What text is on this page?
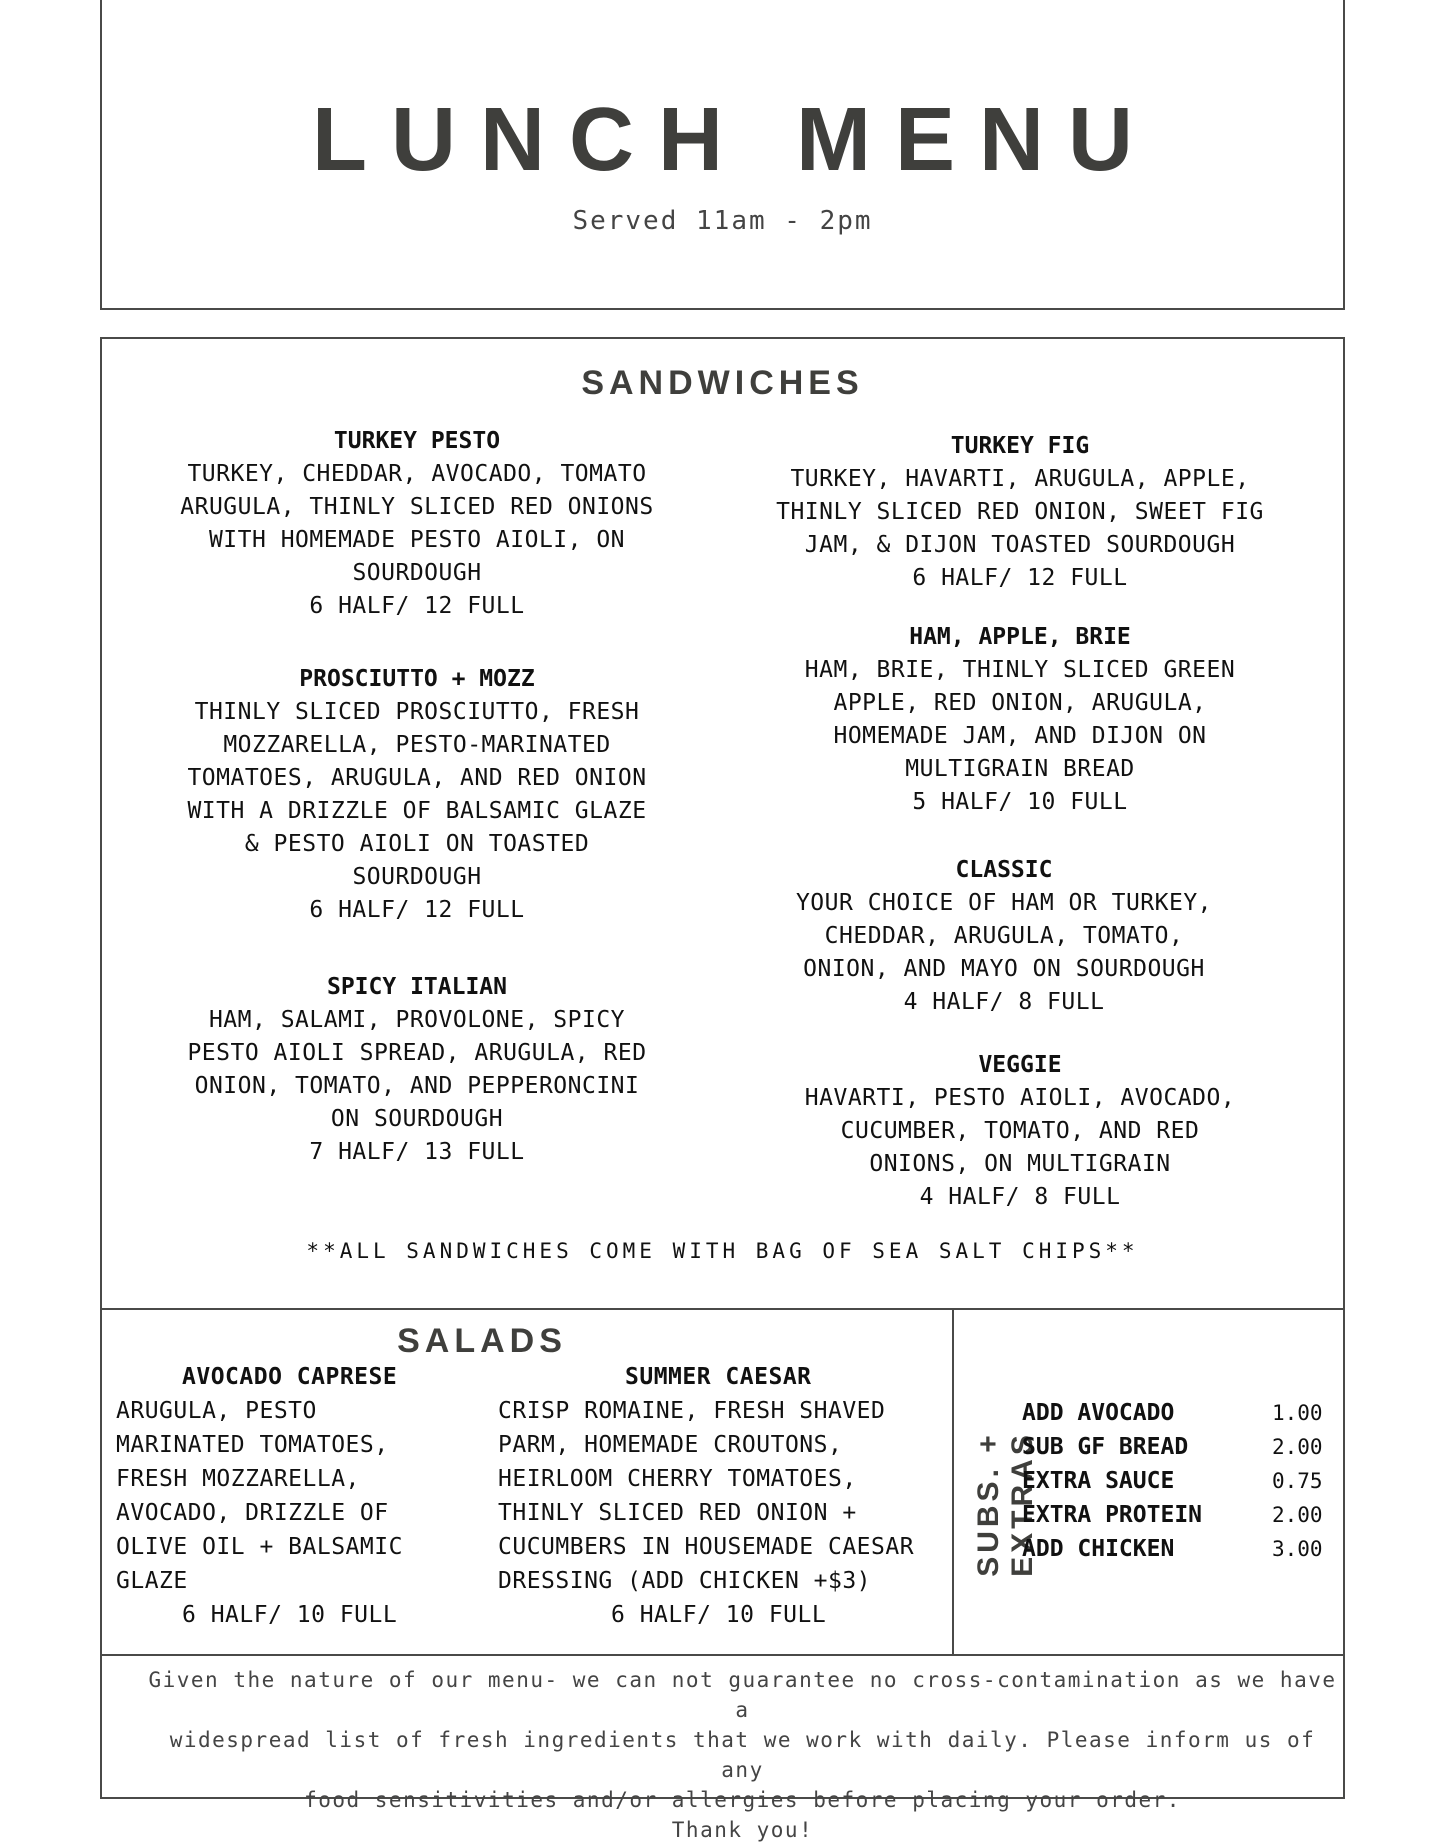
LUNCH MENU
Served 11am - 2pm
SANDWICHES
TURKEY PESTO
TURKEY, CHEDDAR, AVOCADO, TOMATO
ARUGULA, THINLY SLICED RED ONIONS
WITH HOMEMADE PESTO AIOLI, ON
SOURDOUGH
6 HALF/ 12 FULL
PROSCIUTTO + MOZZ
THINLY SLICED PROSCIUTTO, FRESH
MOZZARELLA, PESTO-MARINATED
TOMATOES, ARUGULA, AND RED ONION
WITH A DRIZZLE OF BALSAMIC GLAZE
& PESTO AIOLI ON TOASTED
SOURDOUGH
6 HALF/ 12 FULL
SPICY ITALIAN
HAM, SALAMI, PROVOLONE, SPICY
PESTO AIOLI SPREAD, ARUGULA, RED
ONION, TOMATO, AND PEPPERONCINI
ON SOURDOUGH
7 HALF/ 13 FULL
TURKEY FIG
TURKEY, HAVARTI, ARUGULA, APPLE,
THINLY SLICED RED ONION, SWEET FIG
JAM, & DIJON TOASTED SOURDOUGH
6 HALF/ 12 FULL
HAM, APPLE, BRIE
HAM, BRIE, THINLY SLICED GREEN
APPLE, RED ONION, ARUGULA,
HOMEMADE JAM, AND DIJON ON
MULTIGRAIN BREAD
5 HALF/ 10 FULL
CLASSIC
YOUR CHOICE OF HAM OR TURKEY,
CHEDDAR, ARUGULA, TOMATO,
ONION, AND MAYO ON SOURDOUGH
4 HALF/ 8 FULL
VEGGIE
HAVARTI, PESTO AIOLI, AVOCADO,
CUCUMBER, TOMATO, AND RED
ONIONS, ON MULTIGRAIN
4 HALF/ 8 FULL
**ALL SANDWICHES COME WITH BAG OF SEA SALT CHIPS**
SALADS
AVOCADO CAPRESE
ARUGULA, PESTO
MARINATED TOMATOES,
FRESH MOZZARELLA,
AVOCADO, DRIZZLE OF
OLIVE OIL + BALSAMIC
GLAZE
6 HALF/ 10 FULL
SUMMER CAESAR
CRISP ROMAINE, FRESH SHAVED
PARM, HOMEMADE CROUTONS,
HEIRLOOM CHERRY TOMATOES,
THINLY SLICED RED ONION +
CUCUMBERS IN HOUSEMADE CAESAR
DRESSING (ADD CHICKEN +$3)
6 HALF/ 10 FULL
SUBS. + EXTRAS
ADD AVOCADO	1.00
SUB GF BREAD	2.00
EXTRA SAUCE	0.75
EXTRA PROTEIN	2.00
ADD CHICKEN	3.00
Given the nature of our menu- we can not guarantee no cross-contamination as we have a
widespread list of fresh ingredients that we work with daily. Please inform us of any
food sensitivities and/or allergies before placing your order.
Thank you!
